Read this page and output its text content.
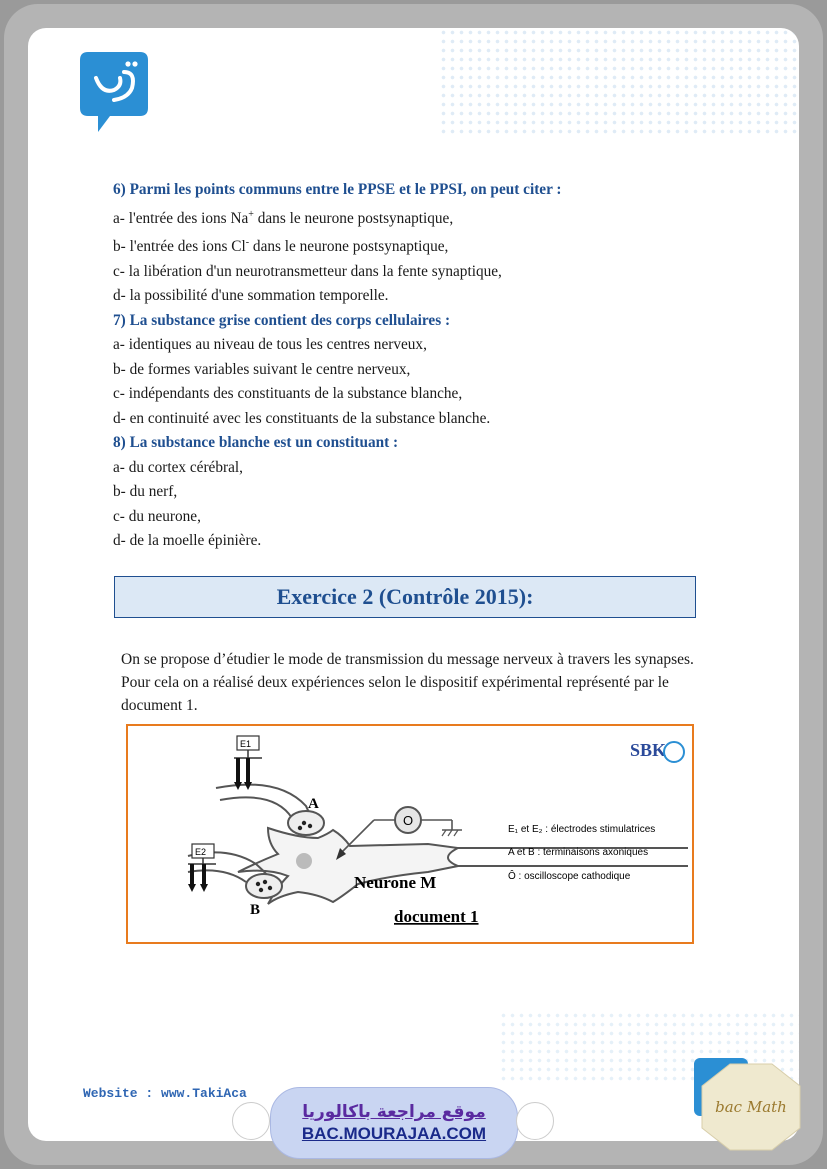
6) Parmi les points communs entre le PPSE et le PPSI, on peut citer :
a- l'entrée des ions Na+ dans le neurone postsynaptique,
b- l'entrée des ions Cl- dans le neurone postsynaptique,
c- la libération d'un neurotransmetteur dans la fente synaptique,
d- la possibilité d'une sommation temporelle.
7) La substance grise contient des corps cellulaires :
a- identiques au niveau de tous les centres nerveux,
b- de formes variables suivant le centre nerveux,
c- indépendants des constituants de la substance blanche,
d- en continuité avec les constituants de la substance blanche.
8) La substance blanche est un constituant :
a- du cortex cérébral,
b- du nerf,
c- du neurone,
d- de la moelle épinière.
Exercice 2 (Contrôle 2015):
On se propose d’étudier le mode de transmission du message nerveux à travers les synapses. Pour cela on a réalisé deux expériences selon le dispositif expérimental représenté par le document 1.
E1
E2
A
B
O
Neurone M
document 1
E₁ et E₂ : électrodes stimulatrices
A et B : terminaisons axoniques
Ô : oscilloscope cathodique
SBK
Website : www.TakiAca
موقع مراجعة باكالوريا
BAC.MOURAJAA.COM
bac Math
